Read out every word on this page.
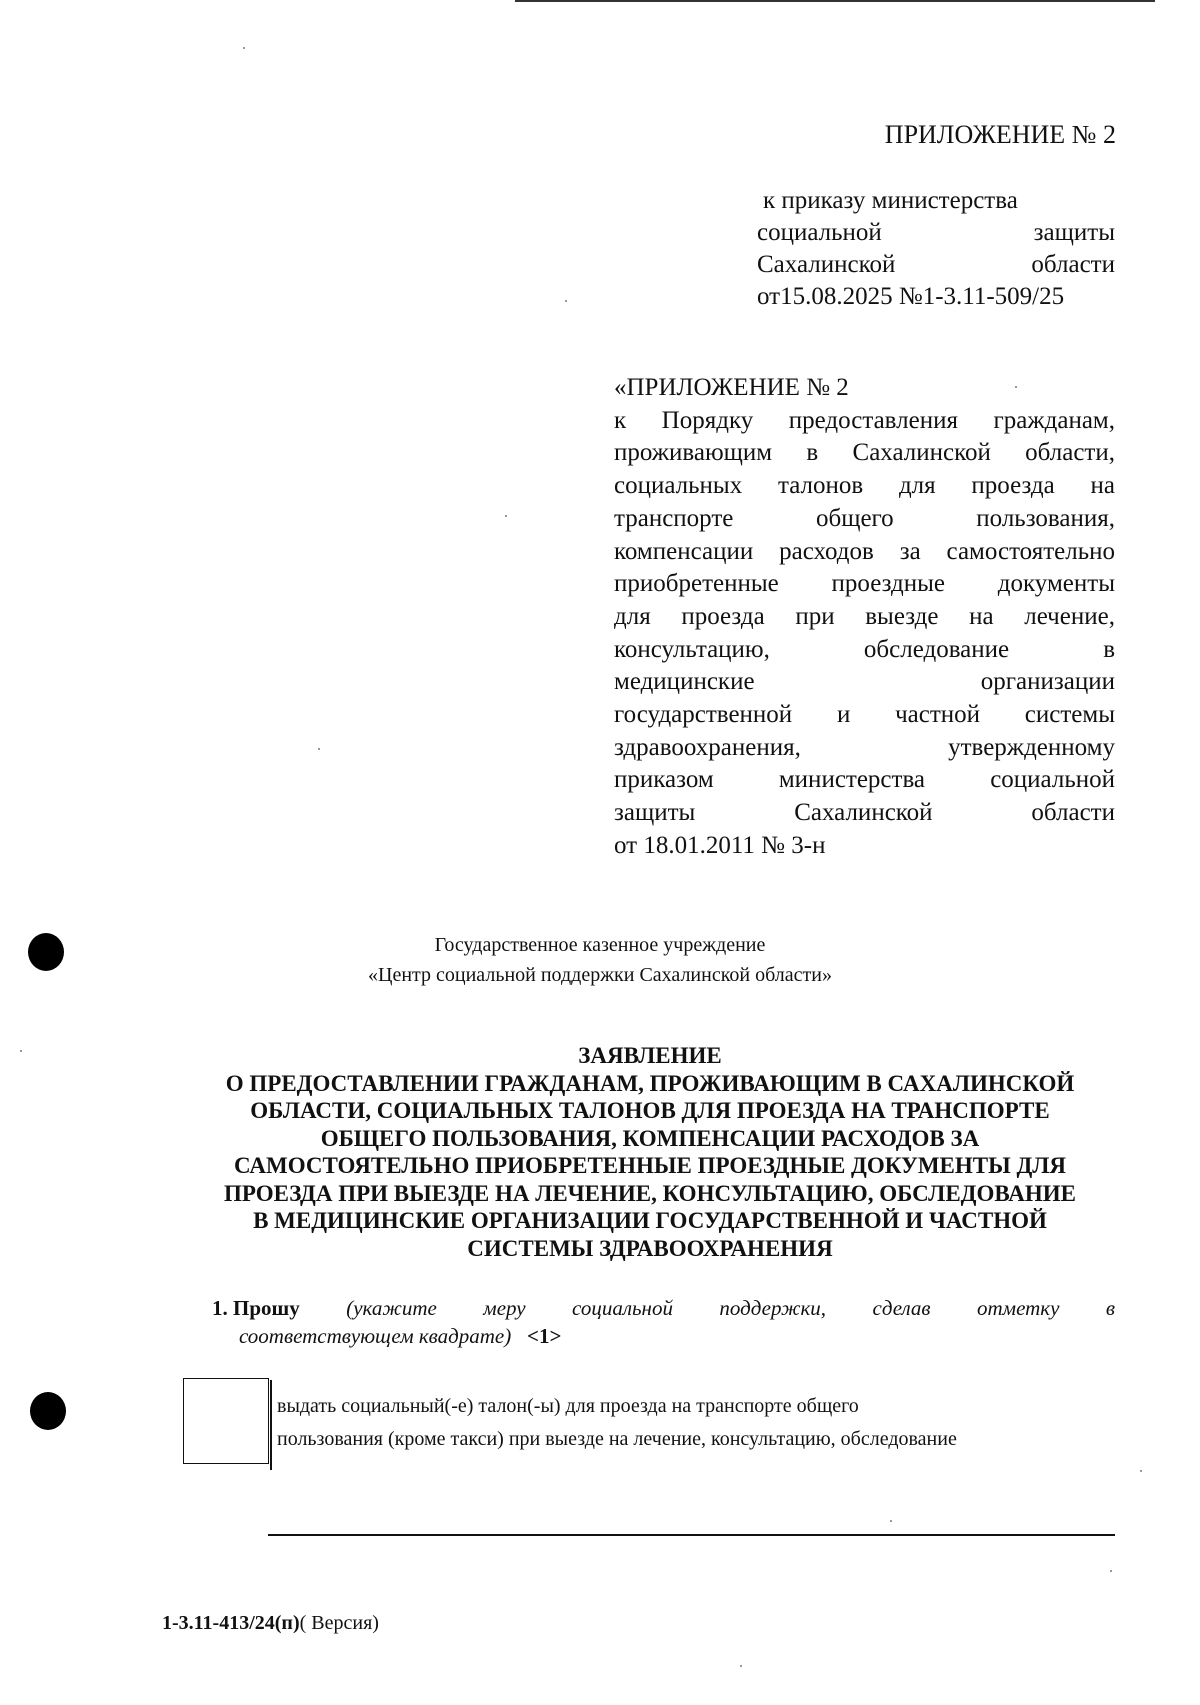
ПРИЛОЖЕНИЕ № 2
к приказу министерства
социальной	защиты
Сахалинской	области
от15.08.2025 №1-3.11-509/25
«ПРИЛОЖЕНИЕ № 2
к Порядку предоставления гражданам,
проживающим в Сахалинской области,
социальных талонов для проезда на
транспорте	общего	пользования,
компенсации расходов за самостоятельно
приобретенные проездные документы
для проезда при выезде на лечение,
консультацию,	обследование	в
медицинские	организации
государственной и частной системы
здравоохранения,	утвержденному
приказом	министерства	социальной
защиты	Сахалинской	области
от 18.01.2011 № 3-н
Государственное казенное учреждение
«Центр социальной поддержки Сахалинской области»
ЗАЯВЛЕНИЕ
О ПРЕДОСТАВЛЕНИИ ГРАЖДАНАМ, ПРОЖИВАЮЩИМ В САХАЛИНСКОЙ
ОБЛАСТИ, СОЦИАЛЬНЫХ ТАЛОНОВ ДЛЯ ПРОЕЗДА НА ТРАНСПОРТЕ
ОБЩЕГО ПОЛЬЗОВАНИЯ, КОМПЕНСАЦИИ РАСХОДОВ ЗА
САМОСТОЯТЕЛЬНО ПРИОБРЕТЕННЫЕ ПРОЕЗДНЫЕ ДОКУМЕНТЫ ДЛЯ
ПРОЕЗДА ПРИ ВЫЕЗДЕ НА ЛЕЧЕНИЕ, КОНСУЛЬТАЦИЮ, ОБСЛЕДОВАНИЕ
В МЕДИЦИНСКИЕ ОРГАНИЗАЦИИ ГОСУДАРСТВЕННОЙ И ЧАСТНОЙ
СИСТЕМЫ ЗДРАВООХРАНЕНИЯ
1. Прошу (укажите меру социальной поддержки, сделав отметку в
соответствующем квадрате) <1>
выдать социальный(-е) талон(-ы) для проезда на транспорте общего
пользования (кроме такси) при выезде на лечение, консультацию, обследование
1-3.11-413/24(п)( Версия)
